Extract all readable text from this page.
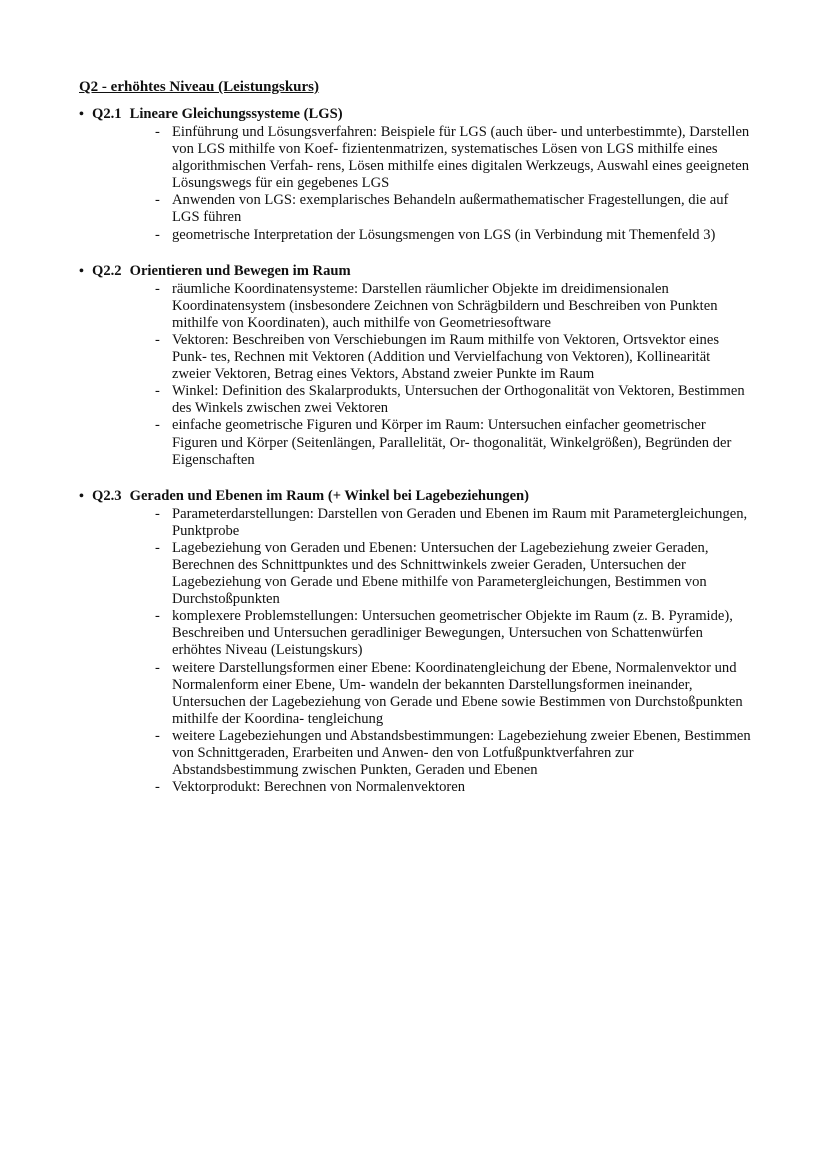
Q2 - erhöhtes Niveau (Leistungskurs)
• Q2.1 Lineare Gleichungssysteme (LGS)
- Einführung und Lösungsverfahren: Beispiele für LGS (auch über- und unterbestimmte), Darstellen von LGS mithilfe von Koef- fizientenmatrizen, systematisches Lösen von LGS mithilfe eines algorithmischen Verfah- rens, Lösen mithilfe eines digitalen Werkzeugs, Auswahl eines geeigneten Lösungswegs für ein gegebenes LGS
- Anwenden von LGS: exemplarisches Behandeln außermathematischer Fragestellungen, die auf LGS führen
- geometrische Interpretation der Lösungsmengen von LGS (in Verbindung mit Themenfeld 3)
• Q2.2 Orientieren und Bewegen im Raum
- räumliche Koordinatensysteme: Darstellen räumlicher Objekte im dreidimensionalen Koordinatensystem (insbesondere Zeichnen von Schrägbildern und Beschreiben von Punkten mithilfe von Koordinaten), auch mithilfe von Geometriesoftware
- Vektoren: Beschreiben von Verschiebungen im Raum mithilfe von Vektoren, Ortsvektor eines Punk- tes, Rechnen mit Vektoren (Addition und Vervielfachung von Vektoren), Kollinearität zweier Vektoren, Betrag eines Vektors, Abstand zweier Punkte im Raum
- Winkel: Definition des Skalarprodukts, Untersuchen der Orthogonalität von Vektoren, Bestimmen des Winkels zwischen zwei Vektoren
- einfache geometrische Figuren und Körper im Raum: Untersuchen einfacher geometrischer Figuren und Körper (Seitenlängen, Parallelität, Or- thogonalität, Winkelgrößen), Begründen der Eigenschaften
• Q2.3 Geraden und Ebenen im Raum (+ Winkel bei Lagebeziehungen)
- Parameterdarstellungen: Darstellen von Geraden und Ebenen im Raum mit Parametergleichungen, Punktprobe
- Lagebeziehung von Geraden und Ebenen: Untersuchen der Lagebeziehung zweier Geraden, Berechnen des Schnittpunktes und des Schnittwinkels zweier Geraden, Untersuchen der Lagebeziehung von Gerade und Ebene mithilfe von Parametergleichungen, Bestimmen von Durchstoßpunkten
- komplexere Problemstellungen: Untersuchen geometrischer Objekte im Raum (z. B. Pyramide), Beschreiben und Untersuchen geradliniger Bewegungen, Untersuchen von Schattenwürfen erhöhtes Niveau (Leistungskurs)
- weitere Darstellungsformen einer Ebene: Koordinatengleichung der Ebene, Normalenvektor und Normalenform einer Ebene, Um- wandeln der bekannten Darstellungsformen ineinander, Untersuchen der Lagebeziehung von Gerade und Ebene sowie Bestimmen von Durchstoßpunkten mithilfe der Koordina- tengleichung
- weitere Lagebeziehungen und Abstandsbestimmungen: Lagebeziehung zweier Ebenen, Bestimmen von Schnittgeraden, Erarbeiten und Anwen- den von Lotfußpunktverfahren zur Abstandsbestimmung zwischen Punkten, Geraden und Ebenen
- Vektorprodukt: Berechnen von Normalenvektoren
